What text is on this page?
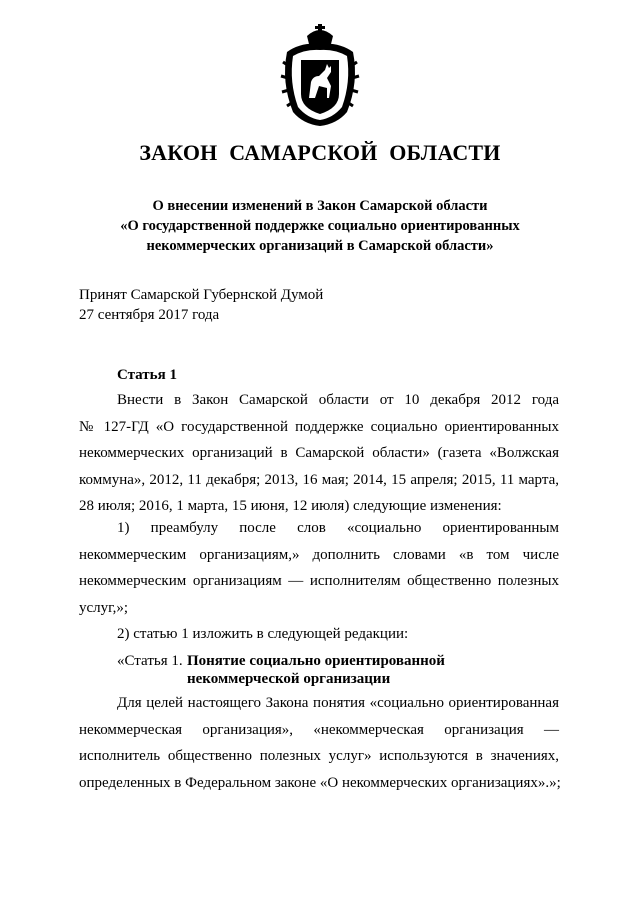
ЗАКОН САМАРСКОЙ ОБЛАСТИ
О внесении изменений в Закон Самарской области
«О государственной поддержке социально ориентированных
некоммерческих организаций в Самарской области»
Принят Самарской Губернской Думой
27 сентября 2017 года
Статья 1
Внести в Закон Самарской области от 10 декабря 2012 года
№ 127-ГД «О государственной поддержке социально ориентированных
некоммерческих организаций в Самарской области» (газета «Волжская
коммуна», 2012, 11 декабря; 2013, 16 мая; 2014, 15 апреля; 2015, 11 марта,
28 июля; 2016, 1 марта, 15 июня, 12 июля) следующие изменения:
1) преамбулу после слов «социально ориентированным
некоммерческим организациям,» дополнить словами «в том числе
некоммерческим организациям — исполнителям общественно полезных
услуг,»;
2) статью 1 изложить в следующей редакции:
«Статья 1. Понятие социально ориентированной
некоммерческой организации
Для целей настоящего Закона понятия «социально ориентированная
некоммерческая организация», «некоммерческая организация —
исполнитель общественно полезных услуг» используются в значениях,
определенных в Федеральном законе «О некоммерческих организациях».»;
